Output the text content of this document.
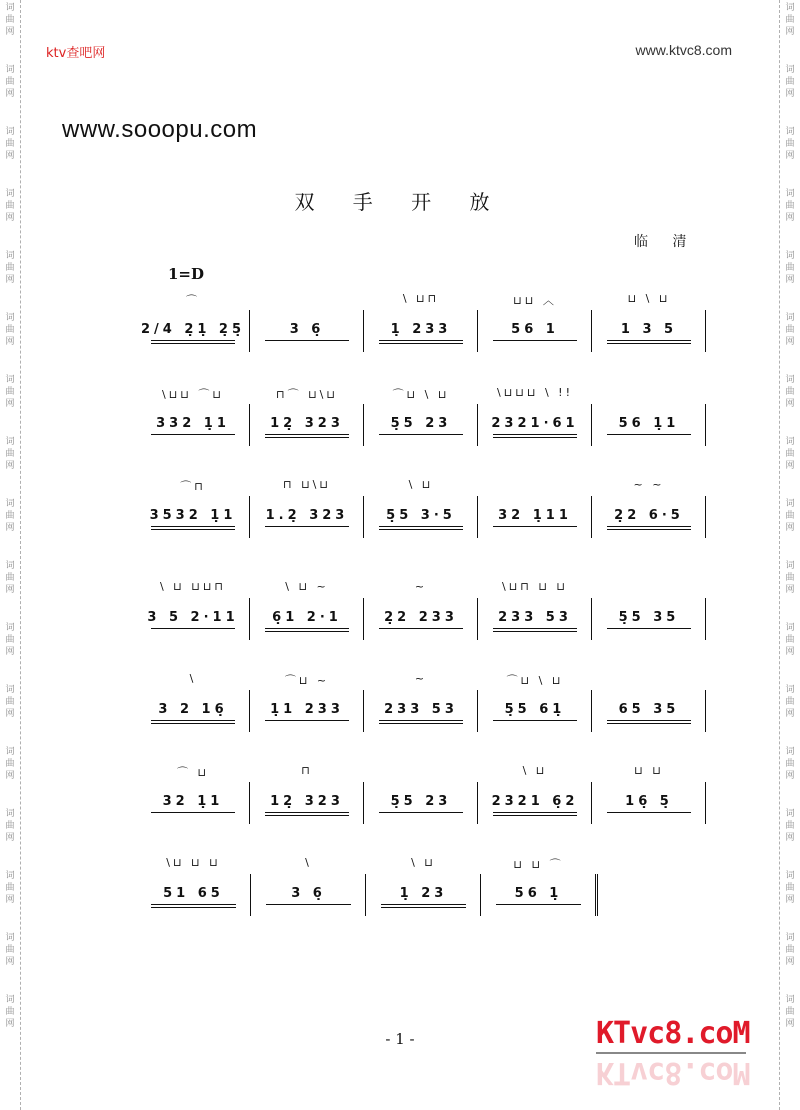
词
曲
网
词
曲
网
词
曲
网
词
曲
网
词
曲
网
词
曲
网
词
曲
网
词
曲
网
词
曲
网
词
曲
网
词
曲
网
词
曲
网
词
曲
网
词
曲
网
词
曲
网
词
曲
网
词
曲
网
词
曲
网
词
曲
网
词
曲
网
词
曲
网
词
曲
网
词
曲
网
词
曲
网
词
曲
网
词
曲
网
词
曲
网
词
曲
网
词
曲
网
词
曲
网
词
曲
网
词
曲
网
词
曲
网
词
曲
网
ktv查吧网	www.ktvc8.com
www.sooopu.com
双 手 开 放
临 清
1=D
⌒
2/4 2̣1̣ 2̣5̣	3 6̣
\ ⊔⊓
1̣ 233
⊔⊔ ︿
56 1
⊔ \ ⊔
1 3 5
\⊔⊔ ⌒⊔
332 1̣1
⊓⌒ ⊔\⊔
12̣ 323
⌒⊔ \ ⊔
5̣5 23
\⊔⊔⊔ \ !!
2321·61	56 1̣1
⌒⊓
3532 1̣1
⊓ ⊔\⊔
1.2̣ 323
\ ⊔
5̣5 3·5	32 1̣11
~ ~
2̣2 6·5
\ ⊔ ⊔⊔⊓
3 5 2·11
\ ⊔ ~
6̣1 2·1
~
2̣2 233
\⊔⊓ ⊔ ⊔
233 53	5̣5 35
\
3 2 16̣
⌒⊔ ~
1̣1 233
~
233 53
⌒⊔ \ ⊔
5̣5 61̣	65 35
⌒ ⊔
32 1̣1
⊓
12̣ 323	5̣5 23
\ ⊔
2321 6̣2
⊔ ⊔
16̣ 5̣
\⊔ ⊔ ⊔
51 65
\
3 6̣
\ ⊔
1̣ 23
⊔ ⊔ ⌒
56 1̣
- 1 -	KTvc8.coM
KTvc8.coM
